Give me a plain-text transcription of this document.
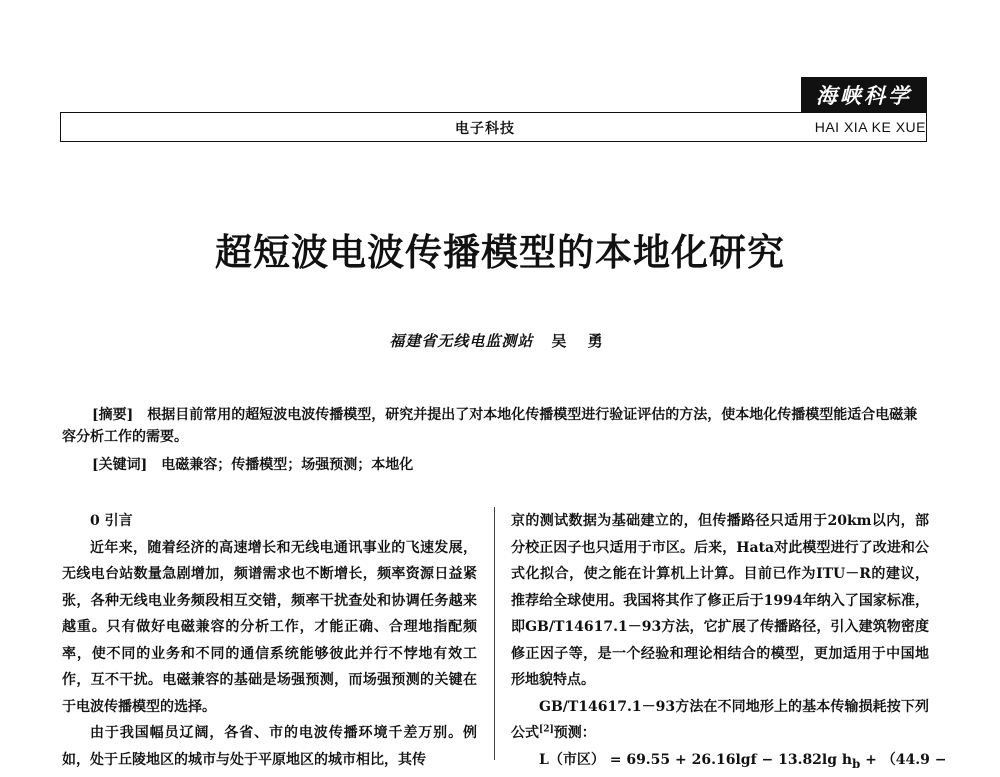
海峡科学
电子科技	HAI XIA KE XUE
超短波电波传播模型的本地化研究
福建省无线电监测站 吴 勇
[摘要] 根据目前常用的超短波电波传播模型，研究并提出了对本地化传播模型进行验证评估的方法，使本地化传播模型能适合电磁兼容分析工作的需要。
[关键词] 电磁兼容；传播模型；场强预测；本地化

0 引言

近年来，随着经济的高速增长和无线电通讯事业的飞速发展，无线电台站数量急剧增加，频谱需求也不断增长，频率资源日益紧张，各种无线电业务频段相互交错，频率干扰查处和协调任务越来越重。只有做好电磁兼容的分析工作，才能正确、合理地指配频率，使不同的业务和不同的通信系统能够彼此并行不悖地有效工作，互不干扰。电磁兼容的基础是场强预测，而场强预测的关键在于电波传播模型的选择。

由于我国幅员辽阔，各省、市的电波传播环境千差万别。例如，处于丘陵地区的城市与处于平原地区的城市相比，其传

京的测试数据为基础建立的，但传播路径只适用于20km以内，部分校正因子也只适用于市区。后来，Hata对此模型进行了改进和公式化拟合，使之能在计算机上计算。目前已作为ITU－R的建议，推荐给全球使用。我国将其作了修正后于1994年纳入了国家标准，即GB/T14617.1－93方法，它扩展了传播路径，引入建筑物密度修正因子等，是一个经验和理论相结合的模型，更加适用于中国地形地貌特点。

GB/T14617.1－93方法在不同地形上的基本传输损耗按下列公式[2]预测：

L（市区） = 69.55 + 26.16lgf − 13.82lg $h_b + (44.9$ −
